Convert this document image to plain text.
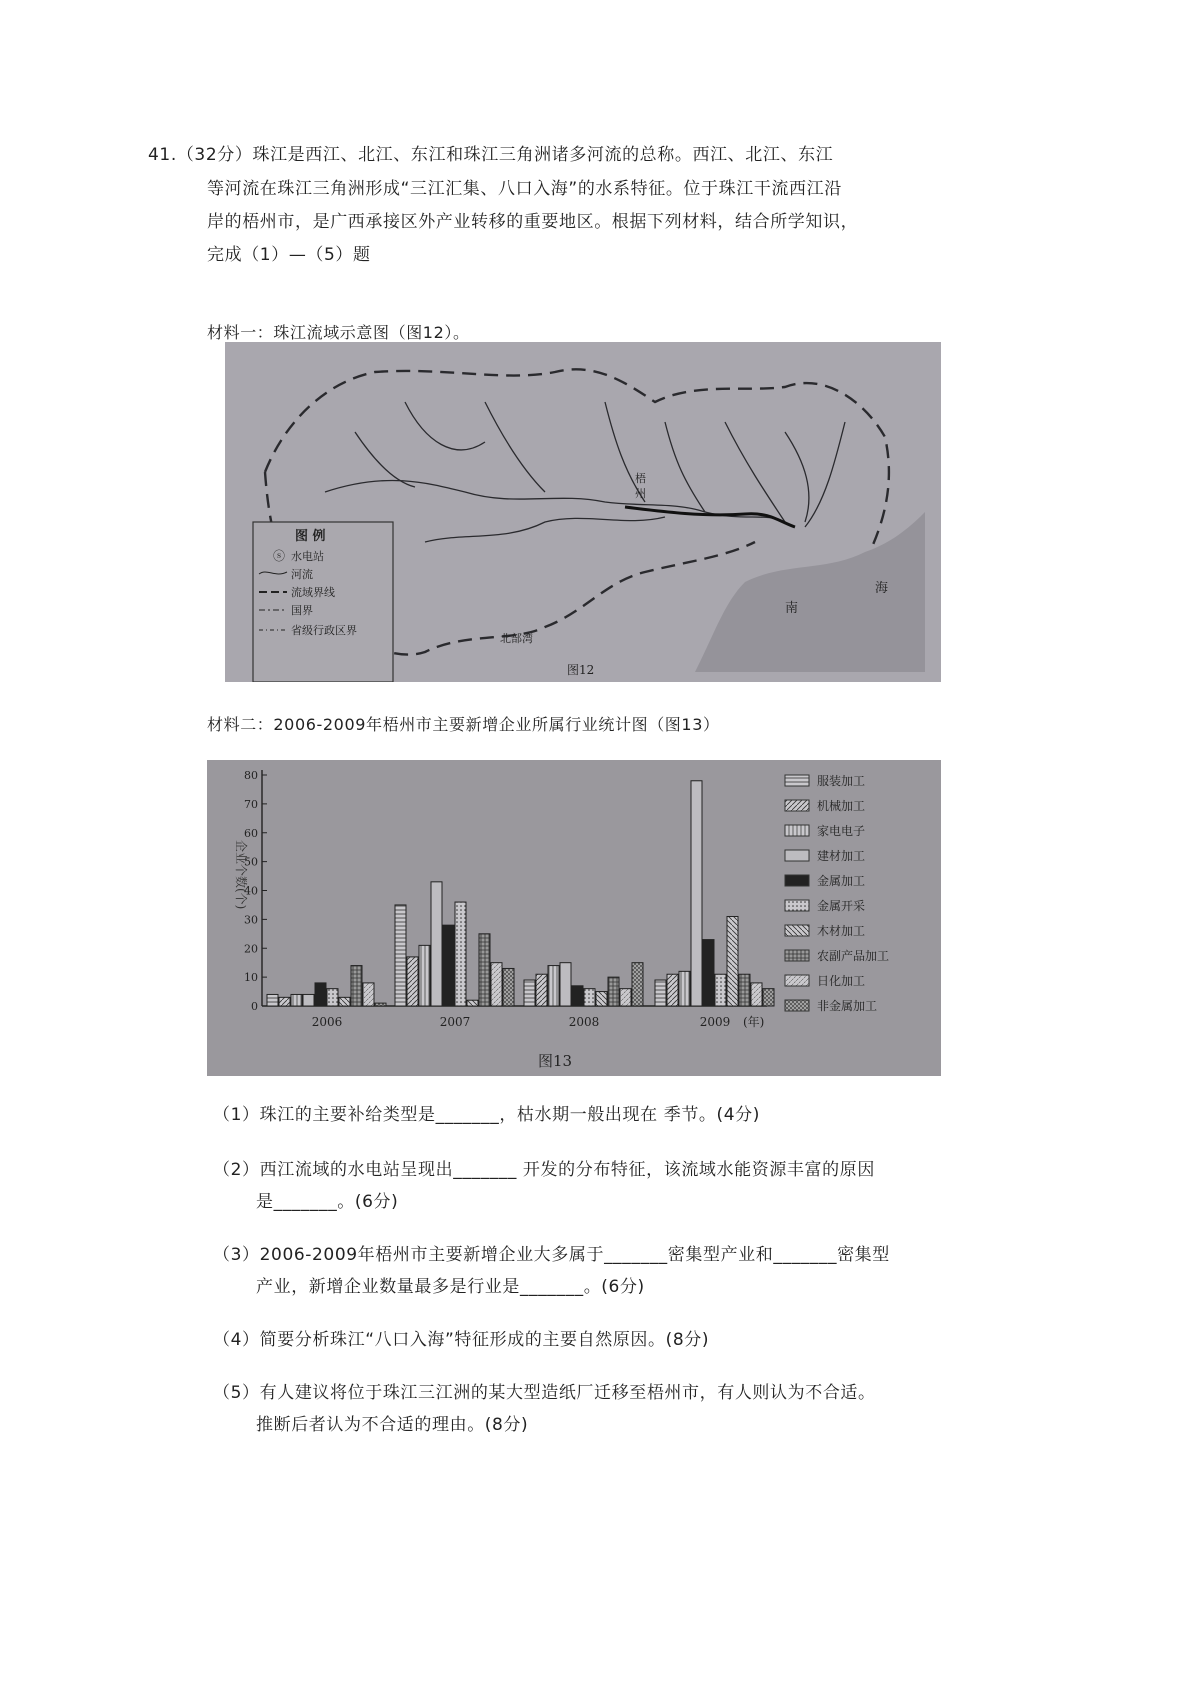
41.（32分）珠江是西江、北江、东江和珠江三角洲诸多河流的总称。西江、北江、东江
等河流在珠江三角洲形成“三江汇集、八口入海”的水系特征。位于珠江干流西江沿
岸的梧州市，是广西承接区外产业转移的重要地区。根据下列材料，结合所学知识，
完成（1）—（5）题
材料一：珠江流域示意图（图12）。
梧
州
南
海
北部湾
图 例
ⓢ 水电站
河流
流域界线
国界
省级行政区界
图12
材料二：2006-2009年梧州市主要新增企业所属行业统计图（图13）
0
10
20
30
40
50
60
70
80	服装加工
机械加工
家电电子
建材加工
金属加工
金属开采
木材加工
农副产品加工
日化加工
非金属加工
2006	2007	2008	2009 (年)
企业个数(个)
图13
（1）珠江的主要补给类型是_______，枯水期一般出现在 季节。(4分)
（2）西江流域的水电站呈现出_______ 开发的分布特征，该流域水能资源丰富的原因
是_______。(6分)
（3）2006-2009年梧州市主要新增企业大多属于_______密集型产业和_______密集型
产业，新增企业数量最多是行业是_______。(6分)
（4）简要分析珠江“八口入海”特征形成的主要自然原因。(8分)
（5）有人建议将位于珠江三江洲的某大型造纸厂迁移至梧州市，有人则认为不合适。
推断后者认为不合适的理由。(8分)
